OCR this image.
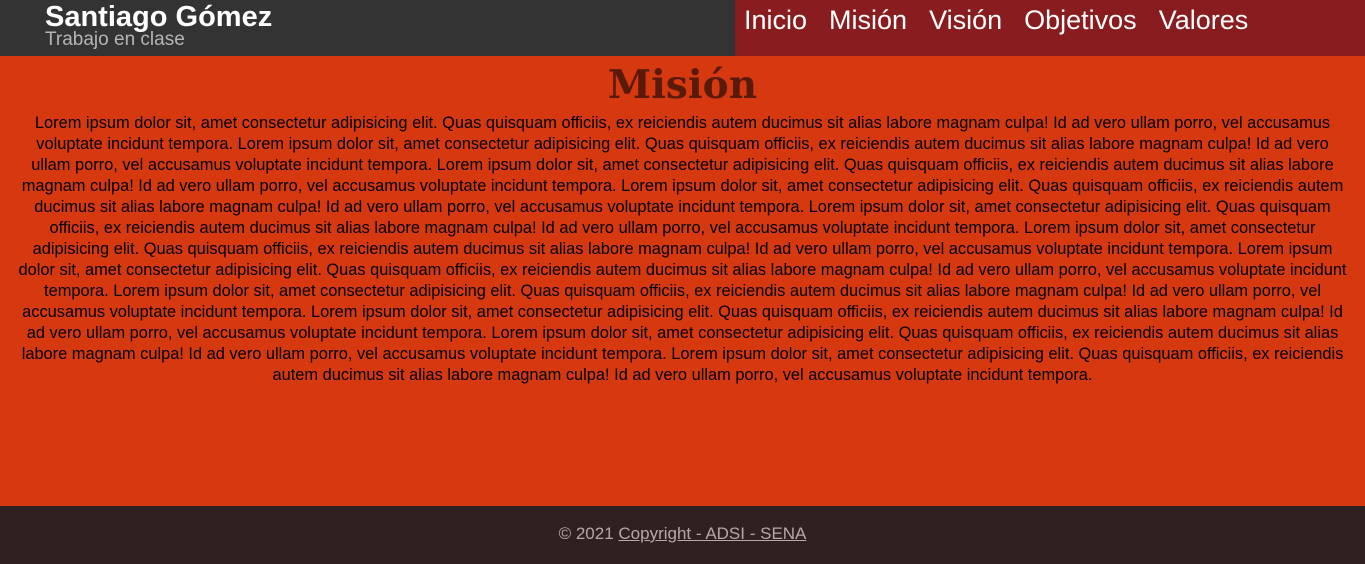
Santiago Gómez
Trabajo en clase
Inicio Misión Visión Objetivos Valores
Misión

Lorem ipsum dolor sit, amet consectetur adipisicing elit. Quas quisquam officiis, ex reiciendis autem ducimus sit alias labore magnam culpa! Id ad vero ullam porro, vel accusamus voluptate incidunt tempora. Lorem ipsum dolor sit, amet consectetur adipisicing elit. Quas quisquam officiis, ex reiciendis autem ducimus sit alias labore magnam culpa! Id ad vero ullam porro, vel accusamus voluptate incidunt tempora. Lorem ipsum dolor sit, amet consectetur adipisicing elit. Quas quisquam officiis, ex reiciendis autem ducimus sit alias labore magnam culpa! Id ad vero ullam porro, vel accusamus voluptate incidunt tempora. Lorem ipsum dolor sit, amet consectetur adipisicing elit. Quas quisquam officiis, ex reiciendis autem ducimus sit alias labore magnam culpa! Id ad vero ullam porro, vel accusamus voluptate incidunt tempora. Lorem ipsum dolor sit, amet consectetur adipisicing elit. Quas quisquam officiis, ex reiciendis autem ducimus sit alias labore magnam culpa! Id ad vero ullam porro, vel accusamus voluptate incidunt tempora. Lorem ipsum dolor sit, amet consectetur adipisicing elit. Quas quisquam officiis, ex reiciendis autem ducimus sit alias labore magnam culpa! Id ad vero ullam porro, vel accusamus voluptate incidunt tempora. Lorem ipsum dolor sit, amet consectetur adipisicing elit. Quas quisquam officiis, ex reiciendis autem ducimus sit alias labore magnam culpa! Id ad vero ullam porro, vel accusamus voluptate incidunt tempora. Lorem ipsum dolor sit, amet consectetur adipisicing elit. Quas quisquam officiis, ex reiciendis autem ducimus sit alias labore magnam culpa! Id ad vero ullam porro, vel accusamus voluptate incidunt tempora. Lorem ipsum dolor sit, amet consectetur adipisicing elit. Quas quisquam officiis, ex reiciendis autem ducimus sit alias labore magnam culpa! Id ad vero ullam porro, vel accusamus voluptate incidunt tempora. Lorem ipsum dolor sit, amet consectetur adipisicing elit. Quas quisquam officiis, ex reiciendis autem ducimus sit alias labore magnam culpa! Id ad vero ullam porro, vel accusamus voluptate incidunt tempora. Lorem ipsum dolor sit, amet consectetur adipisicing elit. Quas quisquam officiis, ex reiciendis autem ducimus sit alias labore magnam culpa! Id ad vero ullam porro, vel accusamus voluptate incidunt tempora.

© 2021 Copyright - ADSI - SENA
